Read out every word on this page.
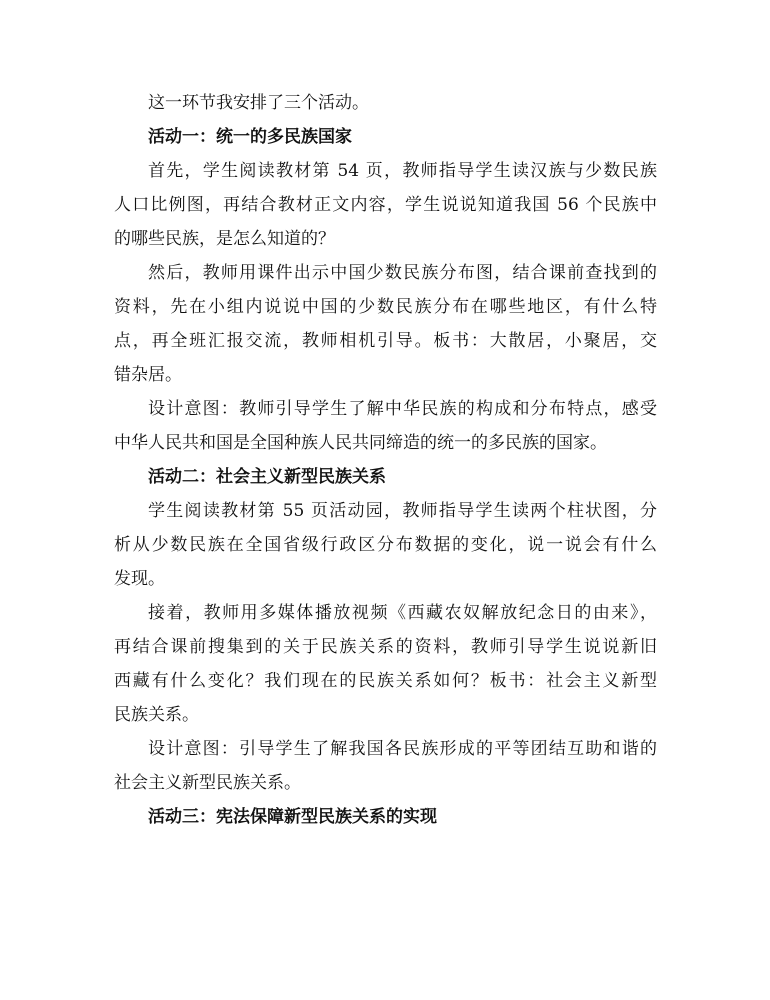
这一环节我安排了三个活动。
活动一：统一的多民族国家
首先，学生阅读教材第 54 页，教师指导学生读汉族与少数民族
人口比例图，再结合教材正文内容，学生说说知道我国 56 个民族中
的哪些民族，是怎么知道的？
然后，教师用课件出示中国少数民族分布图，结合课前查找到的
资料，先在小组内说说中国的少数民族分布在哪些地区，有什么特
点，再全班汇报交流，教师相机引导。板书：大散居，小聚居，交
错杂居。
设计意图：教师引导学生了解中华民族的构成和分布特点，感受
中华人民共和国是全国种族人民共同缔造的统一的多民族的国家。
活动二：社会主义新型民族关系
学生阅读教材第 55 页活动园，教师指导学生读两个柱状图，分
析从少数民族在全国省级行政区分布数据的变化，说一说会有什么
发现。
接着，教师用多媒体播放视频《西藏农奴解放纪念日的由来》，
再结合课前搜集到的关于民族关系的资料，教师引导学生说说新旧
西藏有什么变化？我们现在的民族关系如何？板书：社会主义新型
民族关系。
设计意图：引导学生了解我国各民族形成的平等团结互助和谐的
社会主义新型民族关系。
活动三：宪法保障新型民族关系的实现
